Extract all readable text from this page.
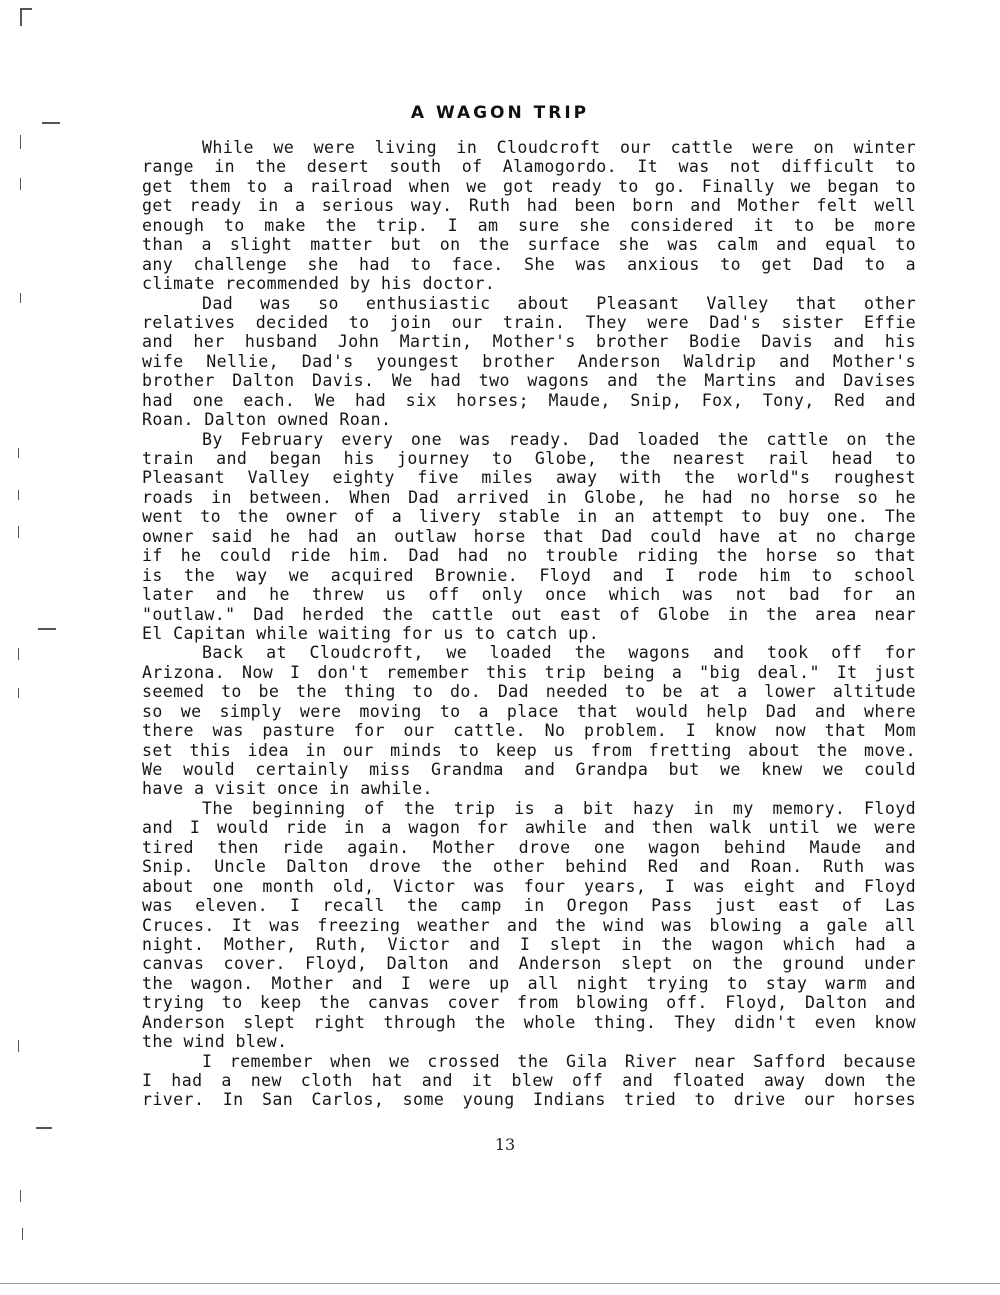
A WAGON TRIP
While we were living in Cloudcroft our cattle were on winter
range in the desert south of Alamogordo. It was not difficult to
get them to a railroad when we got ready to go. Finally we began to
get ready in a serious way. Ruth had been born and Mother felt well
enough to make the trip. I am sure she considered it to be more
than a slight matter but on the surface she was calm and equal to
any challenge she had to face. She was anxious to get Dad to a
climate recommended by his doctor.
Dad was so enthusiastic about Pleasant Valley that other
relatives decided to join our train. They were Dad's sister Effie
and her husband John Martin, Mother's brother Bodie Davis and his
wife Nellie, Dad's youngest brother Anderson Waldrip and Mother's
brother Dalton Davis. We had two wagons and the Martins and Davises
had one each. We had six horses; Maude, Snip, Fox, Tony, Red and
Roan. Dalton owned Roan.
By February every one was ready. Dad loaded the cattle on the
train and began his journey to Globe, the nearest rail head to
Pleasant Valley eighty five miles away with the world"s roughest
roads in between. When Dad arrived in Globe, he had no horse so he
went to the owner of a livery stable in an attempt to buy one. The
owner said he had an outlaw horse that Dad could have at no charge
if he could ride him. Dad had no trouble riding the horse so that
is the way we acquired Brownie. Floyd and I rode him to school
later and he threw us off only once which was not bad for an
"outlaw." Dad herded the cattle out east of Globe in the area near
El Capitan while waiting for us to catch up.
Back at Cloudcroft, we loaded the wagons and took off for
Arizona. Now I don't remember this trip being a "big deal." It just
seemed to be the thing to do. Dad needed to be at a lower altitude
so we simply were moving to a place that would help Dad and where
there was pasture for our cattle. No problem. I know now that Mom
set this idea in our minds to keep us from fretting about the move.
We would certainly miss Grandma and Grandpa but we knew we could
have a visit once in awhile.
The beginning of the trip is a bit hazy in my memory. Floyd
and I would ride in a wagon for awhile and then walk until we were
tired then ride again. Mother drove one wagon behind Maude and
Snip. Uncle Dalton drove the other behind Red and Roan. Ruth was
about one month old, Victor was four years, I was eight and Floyd
was eleven. I recall the camp in Oregon Pass just east of Las
Cruces. It was freezing weather and the wind was blowing a gale all
night. Mother, Ruth, Victor and I slept in the wagon which had a
canvas cover. Floyd, Dalton and Anderson slept on the ground under
the wagon. Mother and I were up all night trying to stay warm and
trying to keep the canvas cover from blowing off. Floyd, Dalton and
Anderson slept right through the whole thing. They didn't even know
the wind blew.
I remember when we crossed the Gila River near Safford because
I had a new cloth hat and it blew off and floated away down the
river. In San Carlos, some young Indians tried to drive our horses
13
